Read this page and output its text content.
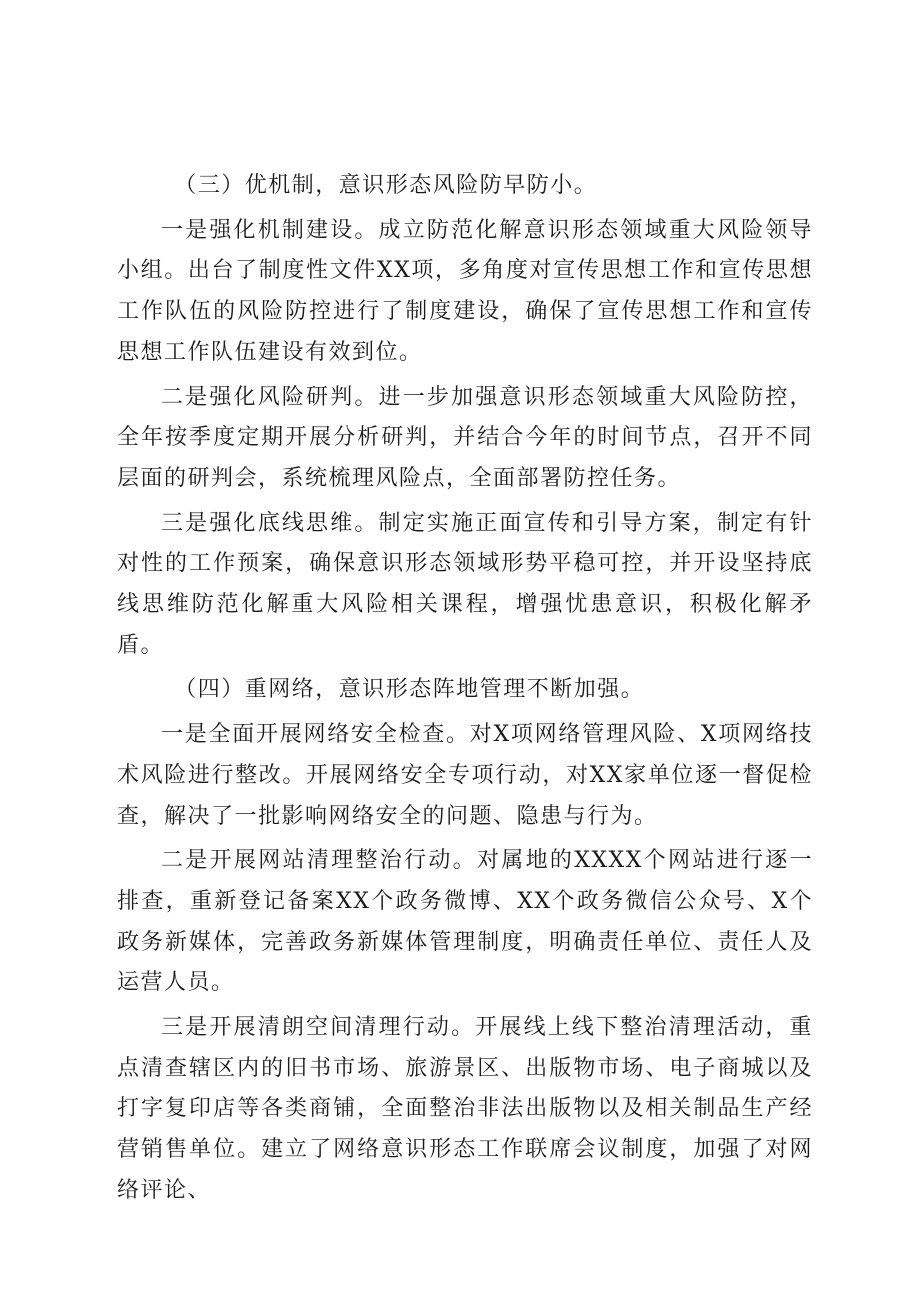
（三）优机制，意识形态风险防早防小。

一是强化机制建设。成立防范化解意识形态领域重大风险领导小组。出台了制度性文件XX项，多角度对宣传思想工作和宣传思想工作队伍的风险防控进行了制度建设，确保了宣传思想工作和宣传思想工作队伍建设有效到位。

二是强化风险研判。进一步加强意识形态领域重大风险防控，全年按季度定期开展分析研判，并结合今年的时间节点，召开不同层面的研判会，系统梳理风险点，全面部署防控任务。

三是强化底线思维。制定实施正面宣传和引导方案，制定有针对性的工作预案，确保意识形态领域形势平稳可控，并开设坚持底线思维防范化解重大风险相关课程，增强忧患意识，积极化解矛盾。

（四）重网络，意识形态阵地管理不断加强。

一是全面开展网络安全检查。对X项网络管理风险、X项网络技术风险进行整改。开展网络安全专项行动，对XX家单位逐一督促检查，解决了一批影响网络安全的问题、隐患与行为。

二是开展网站清理整治行动。对属地的XXXX个网站进行逐一排查，重新登记备案XX个政务微博、XX个政务微信公众号、X个政务新媒体，完善政务新媒体管理制度，明确责任单位、责任人及运营人员。

三是开展清朗空间清理行动。开展线上线下整治清理活动，重点清查辖区内的旧书市场、旅游景区、出版物市场、电子商城以及打字复印店等各类商铺，全面整治非法出版物以及相关制品生产经营销售单位。建立了网络意识形态工作联席会议制度，加强了对网络评论、
